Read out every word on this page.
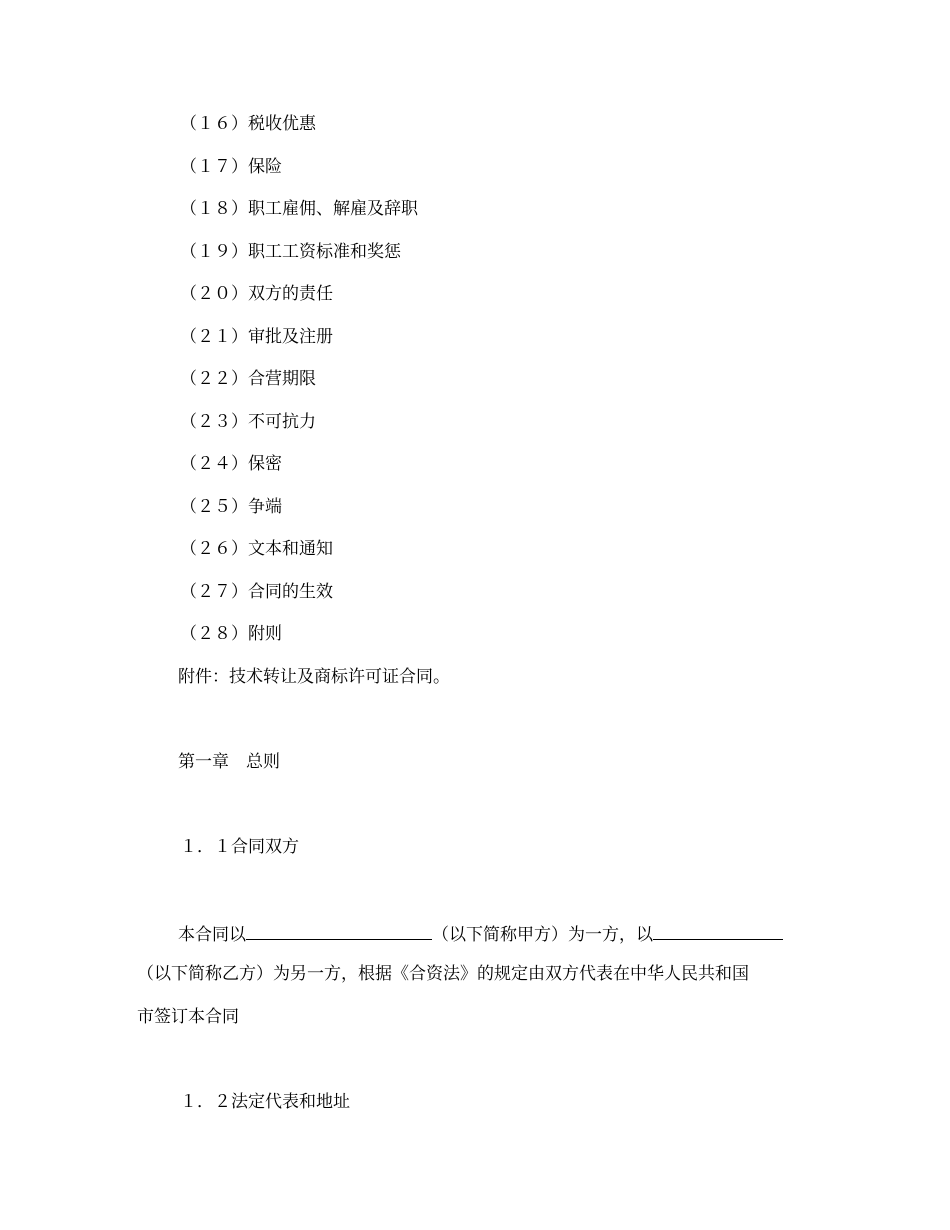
（１６）税收优惠
（１７）保险
（１８）职工雇佣、解雇及辞职
（１９）职工工资标准和奖惩
（２０）双方的责任
（２１）审批及注册
（２２）合营期限
（２３）不可抗力
（２４）保密
（２５）争端
（２６）文本和通知
（２７）合同的生效
（２８）附则
附件：技术转让及商标许可证合同。
第一章　总则
１．１合同双方
本合同以	（以下简称甲方）为一方，以
（以下简称乙方）为另一方，根据《合资法》的规定由双方代表在中华人民共和国
市签订本合同
１．２法定代表和地址
